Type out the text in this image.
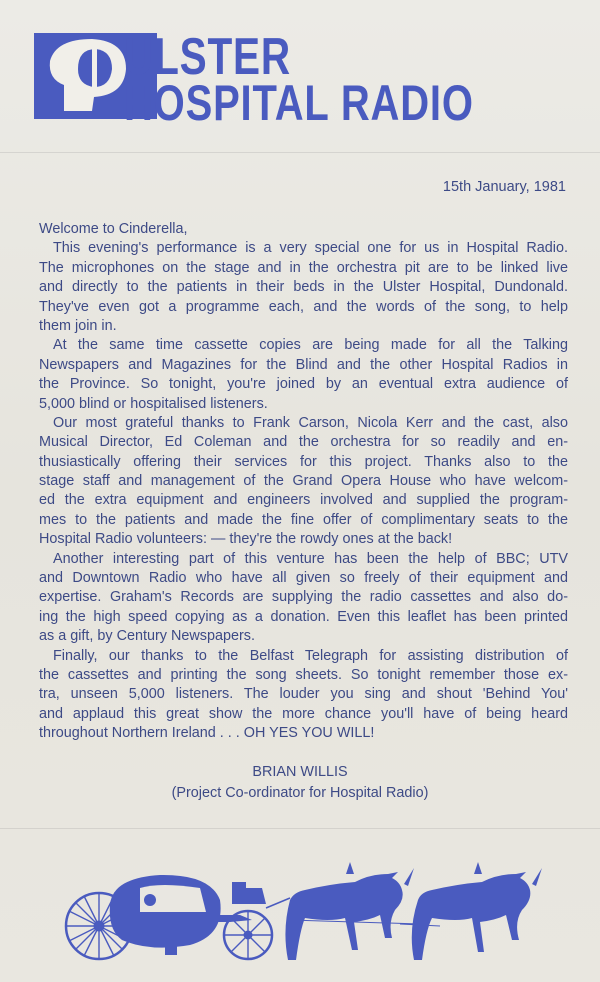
ULSTER
HOSPITAL RADIO
15th January, 1981
Welcome to Cinderella,
This evening's performance is a very special one for us in Hospital Radio.
The microphones on the stage and in the orchestra pit are to be linked live
and directly to the patients in their beds in the Ulster Hospital, Dundonald.
They've even got a programme each, and the words of the song, to help
them join in.
At the same time cassette copies are being made for all the Talking
Newspapers and Magazines for the Blind and the other Hospital Radios in
the Province. So tonight, you're joined by an eventual extra audience of
5,000 blind or hospitalised listeners.
Our most grateful thanks to Frank Carson, Nicola Kerr and the cast, also
Musical Director, Ed Coleman and the orchestra for so readily and en-
thusiastically offering their services for this project. Thanks also to the
stage staff and management of the Grand Opera House who have welcom-
ed the extra equipment and engineers involved and supplied the program-
mes to the patients and made the fine offer of complimentary seats to the
Hospital Radio volunteers: — they're the rowdy ones at the back!
Another interesting part of this venture has been the help of BBC; UTV
and Downtown Radio who have all given so freely of their equipment and
expertise. Graham's Records are supplying the radio cassettes and also do-
ing the high speed copying as a donation. Even this leaflet has been printed
as a gift, by Century Newspapers.
Finally, our thanks to the Belfast Telegraph for assisting distribution of
the cassettes and printing the song sheets. So tonight remember those ex-
tra, unseen 5,000 listeners. The louder you sing and shout 'Behind You'
and applaud this great show the more chance you'll have of being heard
throughout Northern Ireland . . . OH YES YOU WILL!
BRIAN WILLIS
(Project Co-ordinator for Hospital Radio)
